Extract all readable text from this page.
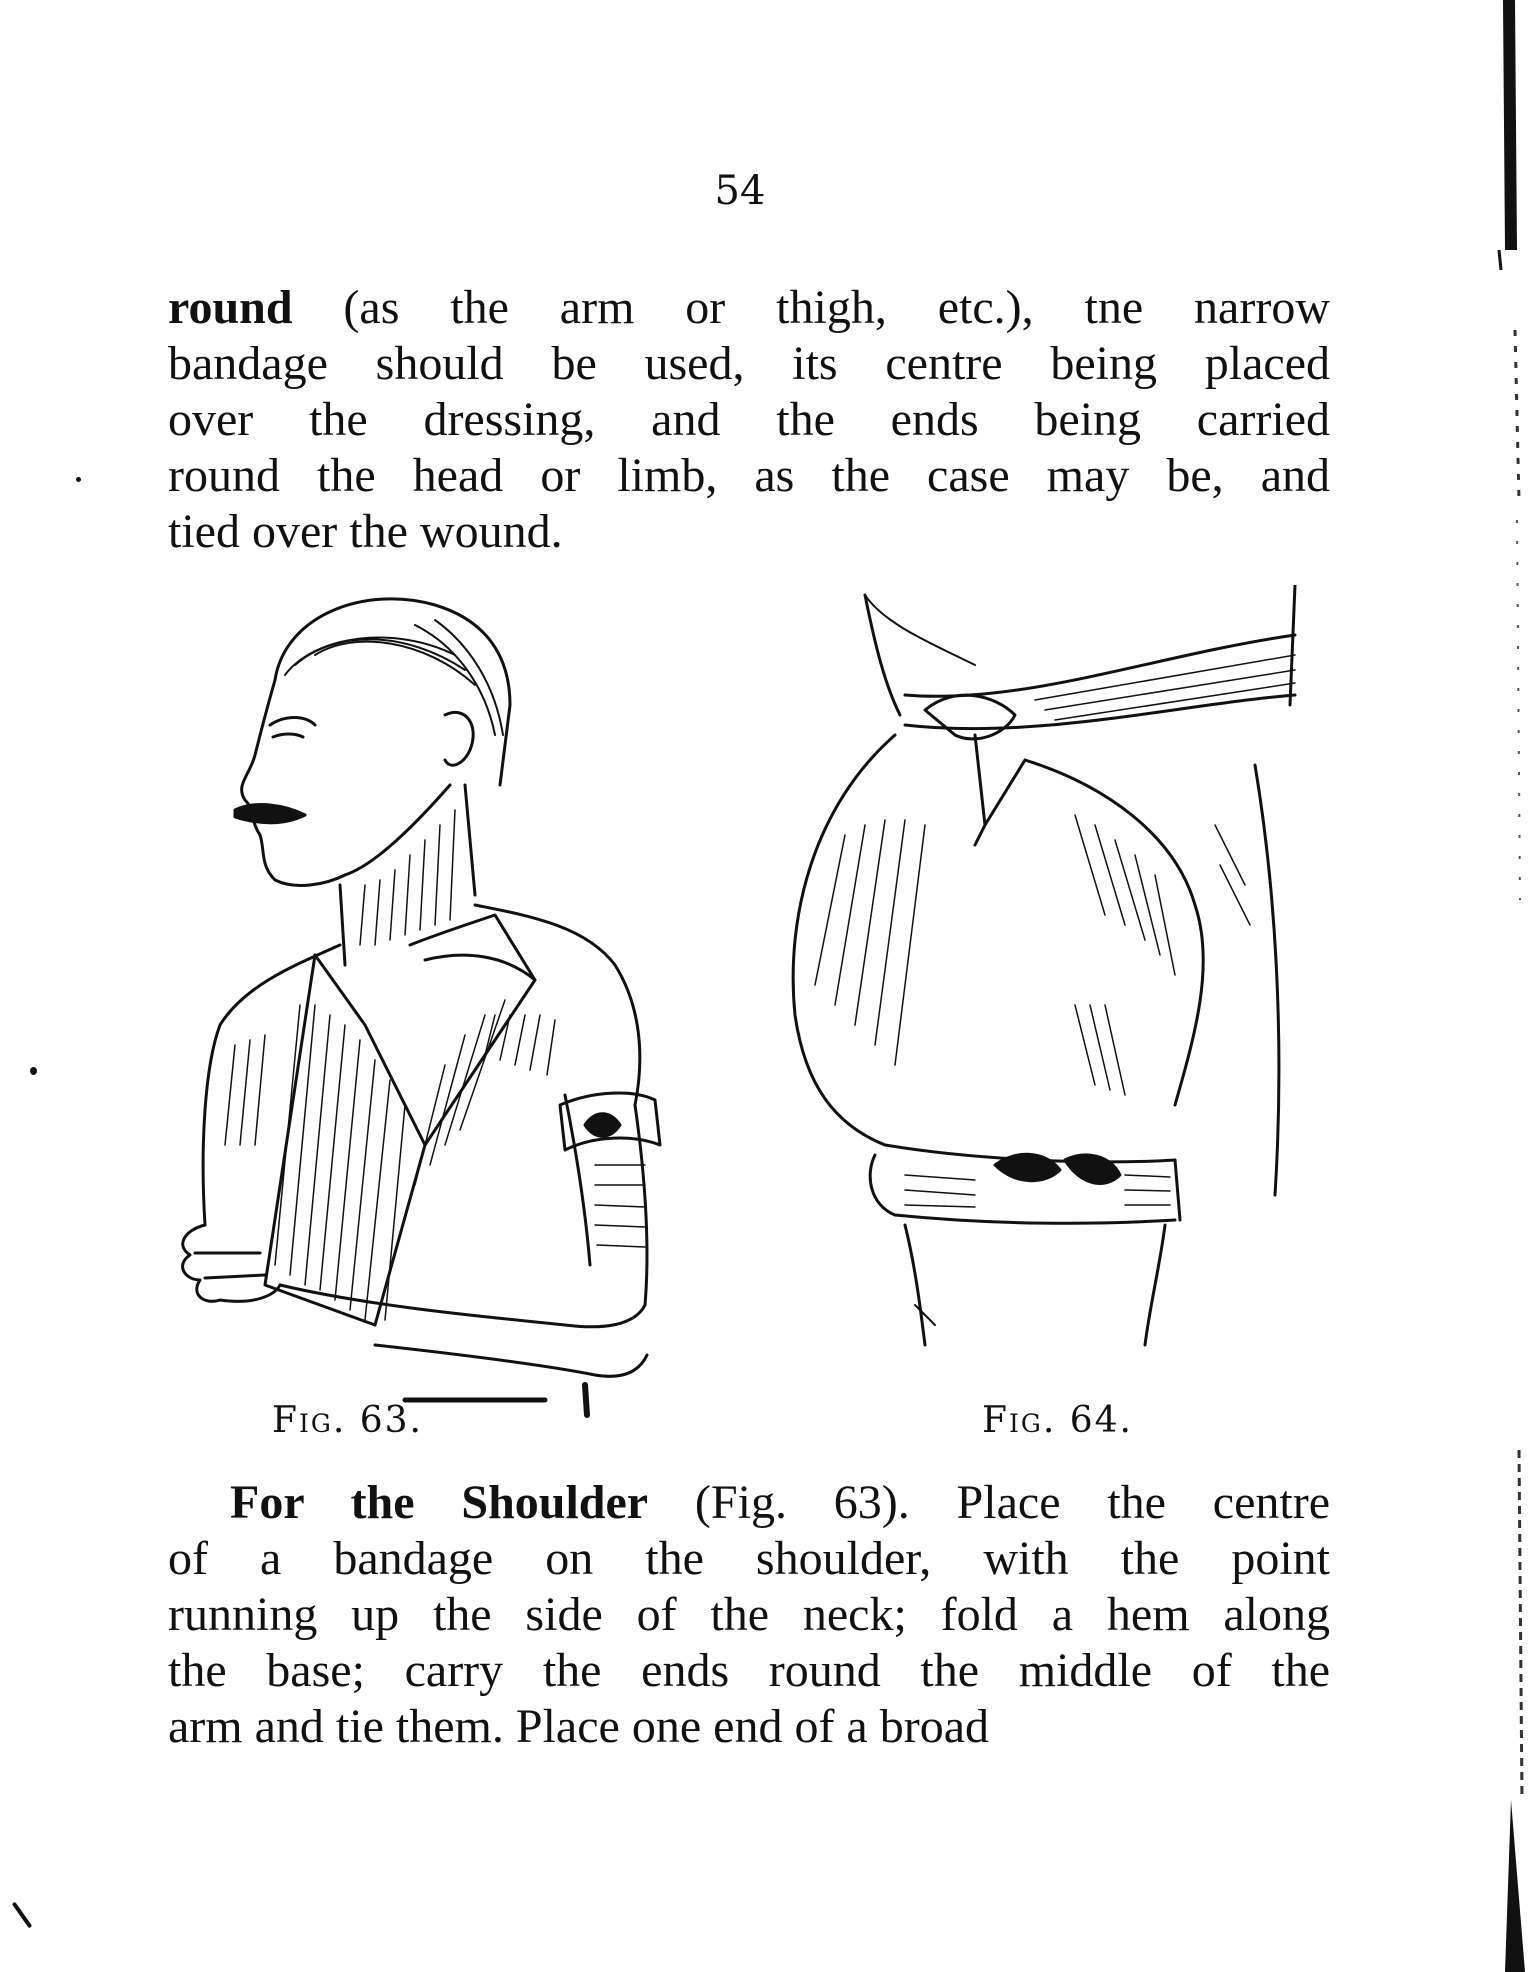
54
round (as the arm or thigh, etc.), tne narrow
bandage should be used, its centre being placed
over the dressing, and the ends being carried
round the head or limb, as the case may be, and
tied over the wound.
Fig. 63.	Fig. 64.
For the Shoulder (Fig. 63). Place the centre
of a bandage on the shoulder, with the point
running up the side of the neck; fold a hem along
the base; carry the ends round the middle of the
arm and tie them. Place one end of a broad
